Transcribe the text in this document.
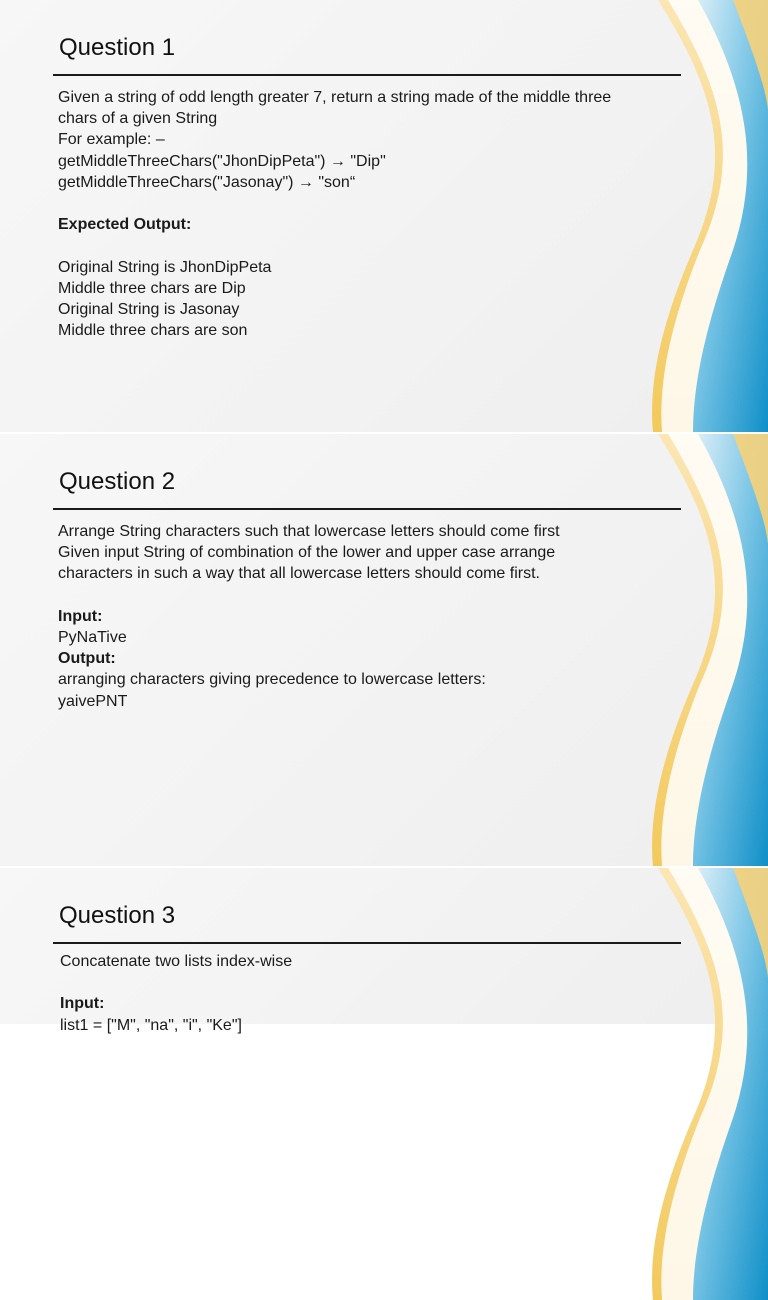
Question 1
Given a string of odd length greater 7, return a string made of the middle three
chars of a given String
For example: –
getMiddleThreeChars("JhonDipPeta") → "Dip"
getMiddleThreeChars("Jasonay") → "son“
Expected Output:
Original String is JhonDipPeta
Middle three chars are Dip
Original String is Jasonay
Middle three chars are son
Question 2
Arrange String characters such that lowercase letters should come first
Given input String of combination of the lower and upper case arrange
characters in such a way that all lowercase letters should come first.
Input:
PyNaTive
Output:
arranging characters giving precedence to lowercase letters:
yaivePNT
Question 3
Concatenate two lists index-wise
Input:
list1 = ["M", "na", "i", "Ke"]
